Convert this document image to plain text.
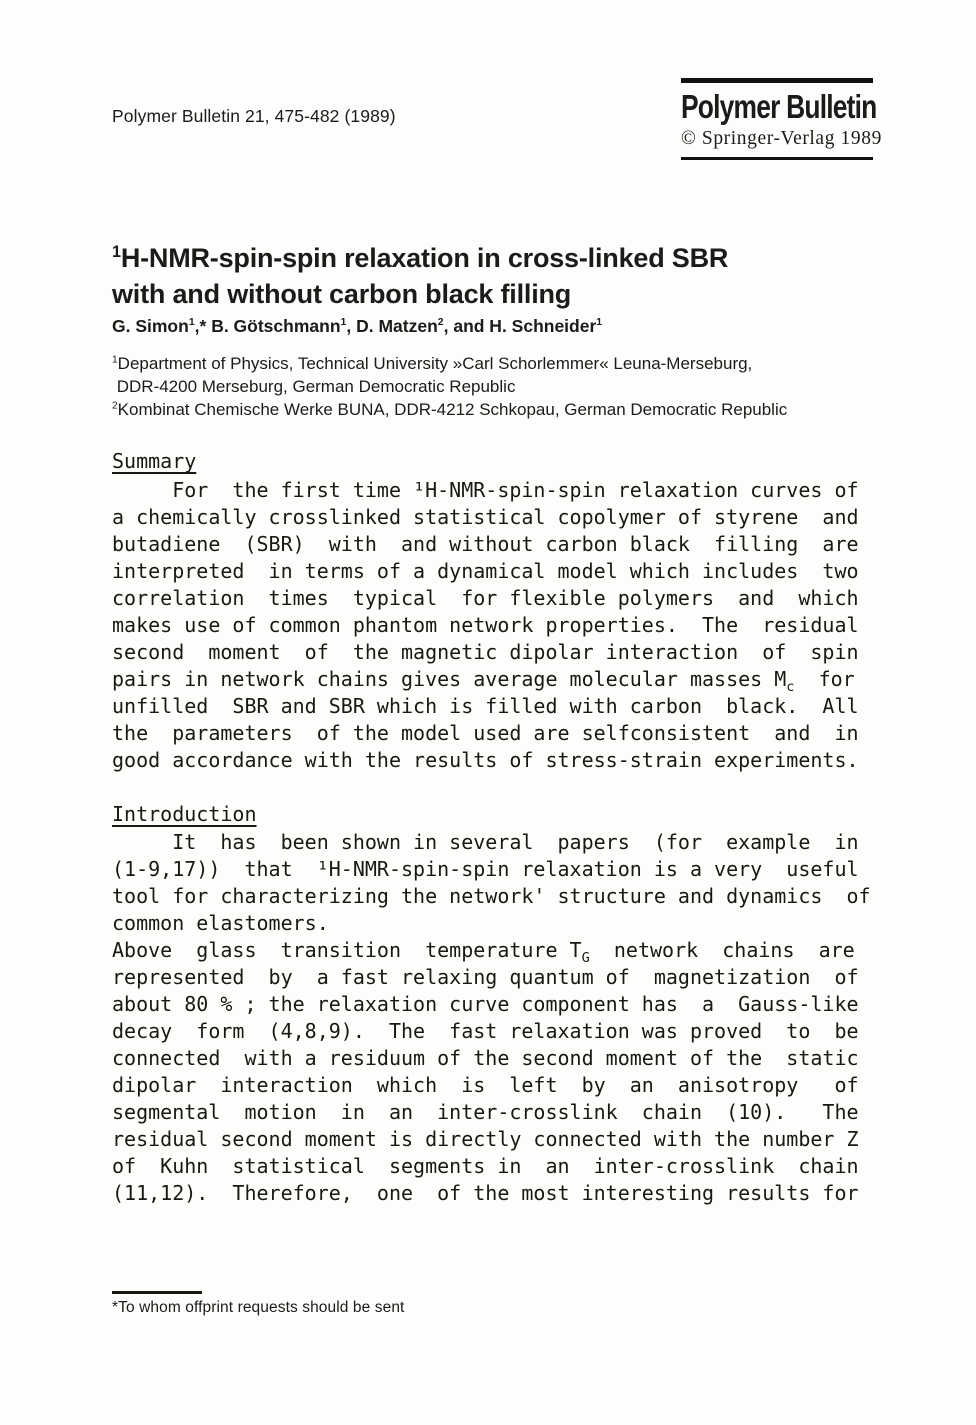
Polymer Bulletin 21, 475-482 (1989)	Polymer Bulletin
© Springer-Verlag 1989
$^1$H-NMR-spin-spin relaxation in cross-linked SBR
with and without carbon black filling
G. Simon$^1$,* B. Götschmann$^1$, D. Matzen$^2$, and H. Schneider$^1$
$^1$Department of Physics, Technical University »Carl Schorlemmer« Leuna-Merseburg,
DDR-4200 Merseburg, German Democratic Republic
$^2$Kombinat Chemische Werke BUNA, DDR-4212 Schkopau, German Democratic Republic
Summary
For  the first time ¹H-NMR-spin-spin relaxation curves of
a chemically crosslinked statistical copolymer of styrene  and
butadiene  (SBR)  with  and without carbon black  filling  are
interpreted  in terms of a dynamical model which includes  two
correlation  times  typical  for flexible polymers  and  which
makes use of common phantom network properties.  The  residual
second  moment  of  the magnetic dipolar interaction  of  spin
pairs in network chains gives average molecular masses $M_c$  for
unfilled  SBR and SBR which is filled with carbon  black.  All
the  parameters  of the model used are selfconsistent  and  in
good accordance with the results of stress-strain experiments.
Introduction
It  has  been shown in several  papers  (for  example  in
(1-9,17))  that  ¹H-NMR-spin-spin relaxation is a very  useful
tool for characterizing the network' structure and dynamics  of
common elastomers.
Above  glass  transition  temperature $T_G$  network  chains  are
represented  by  a fast relaxing quantum of  magnetization  of
about 80 % ; the relaxation curve component has  a  Gauss-like
decay  form  (4,8,9).  The  fast relaxation was proved  to  be
connected  with a residuum of the second moment of the  static
dipolar  interaction  which  is  left  by  an  anisotropy   of
segmental  motion  in  an  inter-crosslink  chain  (10).   The
residual second moment is directly connected with the number Z
of  Kuhn  statistical  segments in  an  inter-crosslink  chain
(11,12).  Therefore,  one  of the most interesting results for
*To whom offprint requests should be sent
